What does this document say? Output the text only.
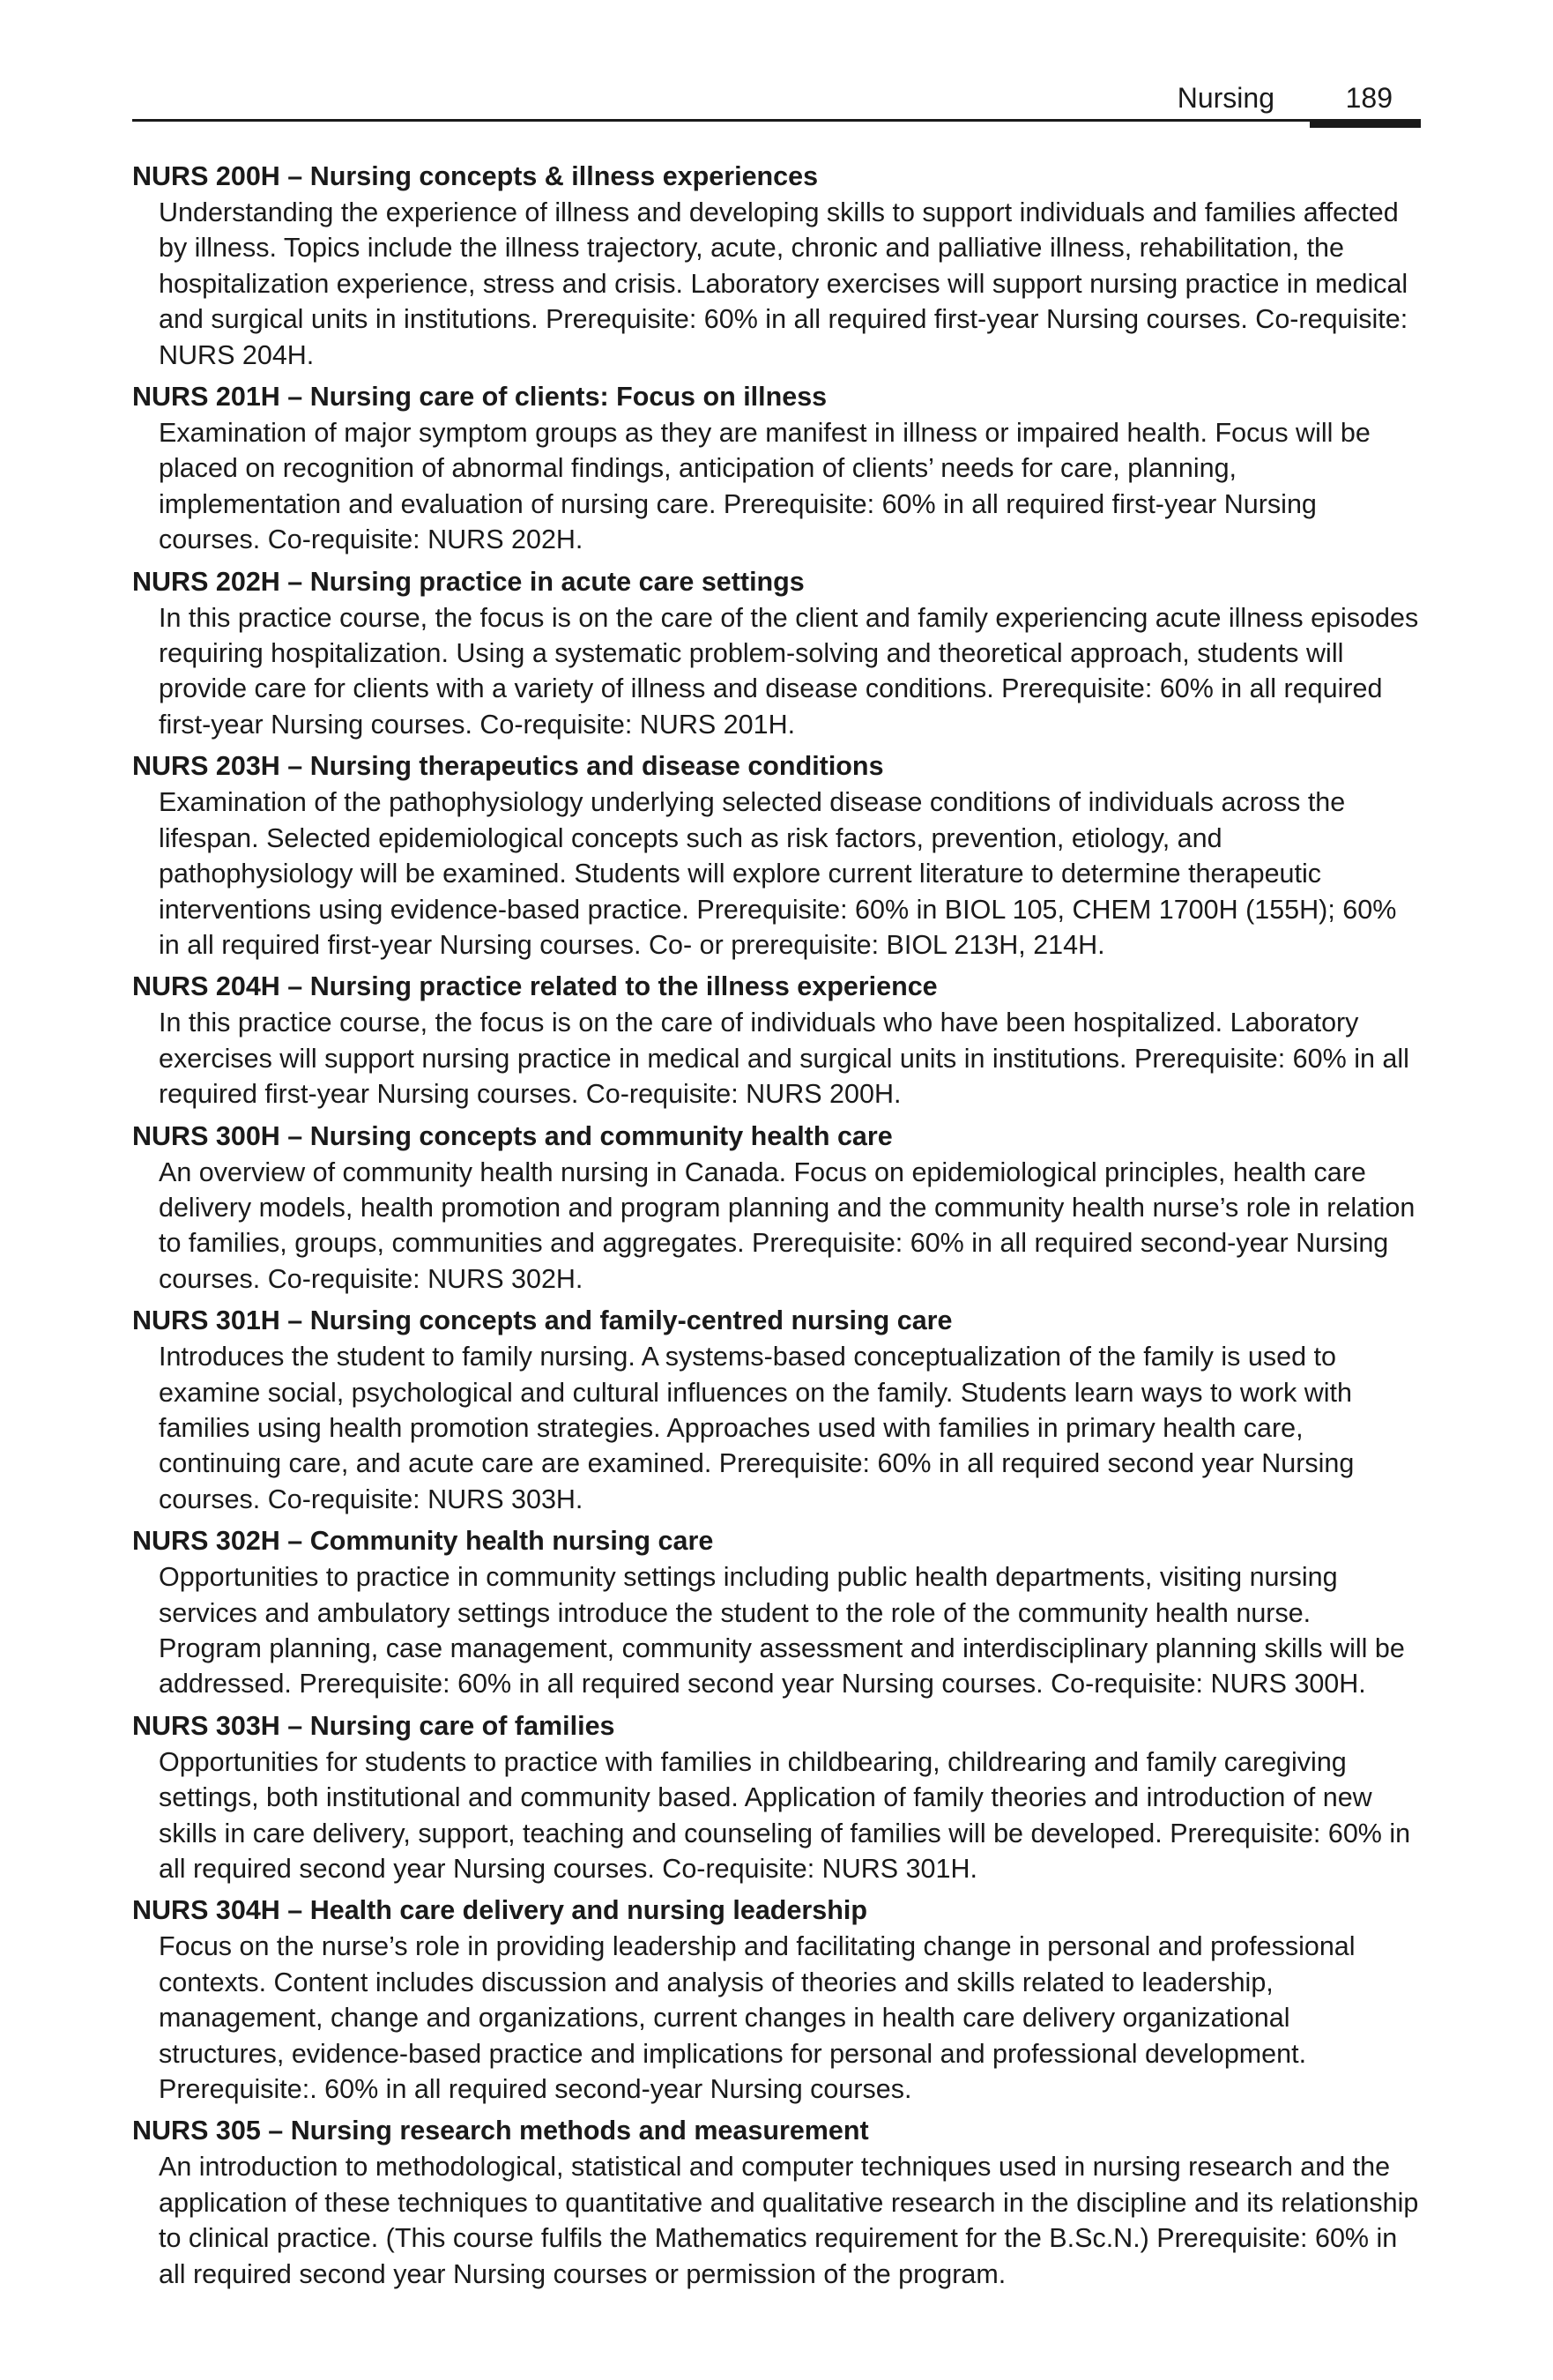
Nursing	189

NURS 200H – Nursing concepts & illness experiences

Understanding the experience of illness and developing skills to support individuals and families affected by illness. Topics include the illness trajectory, acute, chronic and palliative illness, rehabilitation, the hospitalization experience, stress and crisis. Laboratory exercises will support nursing practice in medical and surgical units in institutions. Prerequisite: 60% in all required first-year Nursing courses. Co-requisite: NURS 204H.

NURS 201H – Nursing care of clients: Focus on illness

Examination of major symptom groups as they are manifest in illness or impaired health. Focus will be placed on recognition of abnormal findings, anticipation of clients’ needs for care, planning, implementation and evaluation of nursing care. Prerequisite: 60% in all required first-year Nursing courses. Co-requisite: NURS 202H.

NURS 202H – Nursing practice in acute care settings

In this practice course, the focus is on the care of the client and family experiencing acute illness episodes requiring hospitalization. Using a systematic problem-solving and theoretical approach, students will provide care for clients with a variety of illness and disease conditions. Prerequisite: 60% in all required first-year Nursing courses. Co-requisite: NURS 201H.

NURS 203H – Nursing therapeutics and disease conditions

Examination of the pathophysiology underlying selected disease conditions of individuals across the lifespan. Selected epidemiological concepts such as risk factors, prevention, etiology, and pathophysiology will be examined. Students will explore current literature to determine therapeutic interventions using evidence-based practice. Prerequisite: 60% in BIOL 105, CHEM 1700H (155H); 60% in all required first-year Nursing courses. Co- or prerequisite: BIOL 213H, 214H.

NURS 204H – Nursing practice related to the illness experience

In this practice course, the focus is on the care of individuals who have been hospitalized. Laboratory exercises will support nursing practice in medical and surgical units in institutions. Prerequisite: 60% in all required first-year Nursing courses. Co-requisite: NURS 200H.

NURS 300H – Nursing concepts and community health care

An overview of community health nursing in Canada. Focus on epidemiological principles, health care delivery models, health promotion and program planning and the community health nurse’s role in relation to families, groups, communities and aggregates. Prerequisite: 60% in all required second-year Nursing courses. Co-requisite: NURS 302H.

NURS 301H – Nursing concepts and family-centred nursing care

Introduces the student to family nursing. A systems-based conceptualization of the family is used to examine social, psychological and cultural influences on the family. Students learn ways to work with families using health promotion strategies. Approaches used with families in primary health care, continuing care, and acute care are examined. Prerequisite: 60% in all required second year Nursing courses. Co-requisite: NURS 303H.

NURS 302H – Community health nursing care

Opportunities to practice in community settings including public health departments, visiting nursing services and ambulatory settings introduce the student to the role of the community health nurse. Program planning, case management, community assessment and interdisciplinary planning skills will be addressed. Prerequisite: 60% in all required second year Nursing courses. Co-requisite: NURS 300H.

NURS 303H – Nursing care of families

Opportunities for students to practice with families in childbearing, childrearing and family caregiving settings, both institutional and community based. Application of family theories and introduction of new skills in care delivery, support, teaching and counseling of families will be developed. Prerequisite: 60% in all required second year Nursing courses. Co-requisite: NURS 301H.

NURS 304H – Health care delivery and nursing leadership

Focus on the nurse’s role in providing leadership and facilitating change in personal and professional contexts. Content includes discussion and analysis of theories and skills related to leadership, management, change and organizations, current changes in health care delivery organizational structures, evidence-based practice and implications for personal and professional development. Prerequisite:. 60% in all required second-year Nursing courses.

NURS 305 – Nursing research methods and measurement

An introduction to methodological, statistical and computer techniques used in nursing research and the application of these techniques to quantitative and qualitative research in the discipline and its relationship to clinical practice. (This course fulfils the Mathematics requirement for the B.Sc.N.) Prerequisite: 60% in all required second year Nursing courses or permission of the program.
